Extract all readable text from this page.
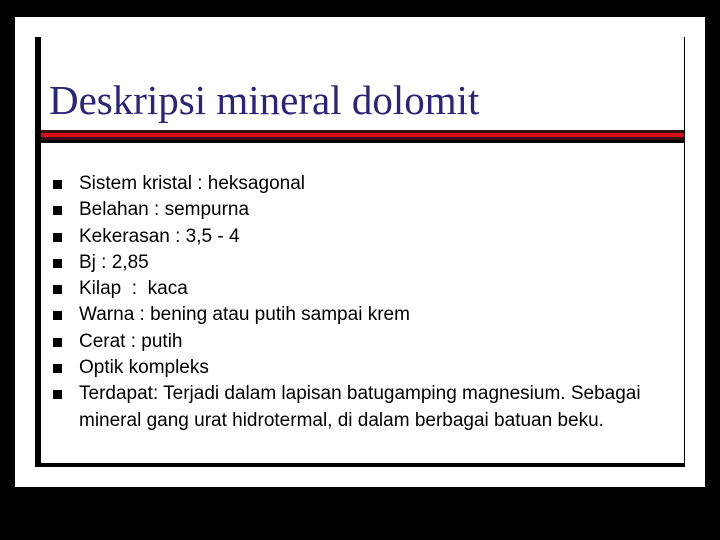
Deskripsi mineral dolomit
Sistem kristal : heksagonal
Belahan : sempurna
Kekerasan : 3,5 - 4
Bj : 2,85
Kilap  :  kaca
Warna : bening atau putih sampai krem
Cerat : putih
Optik kompleks
Terdapat: Terjadi dalam lapisan batugamping magnesium. Sebagai mineral gang urat hidrotermal, di dalam berbagai batuan beku.
